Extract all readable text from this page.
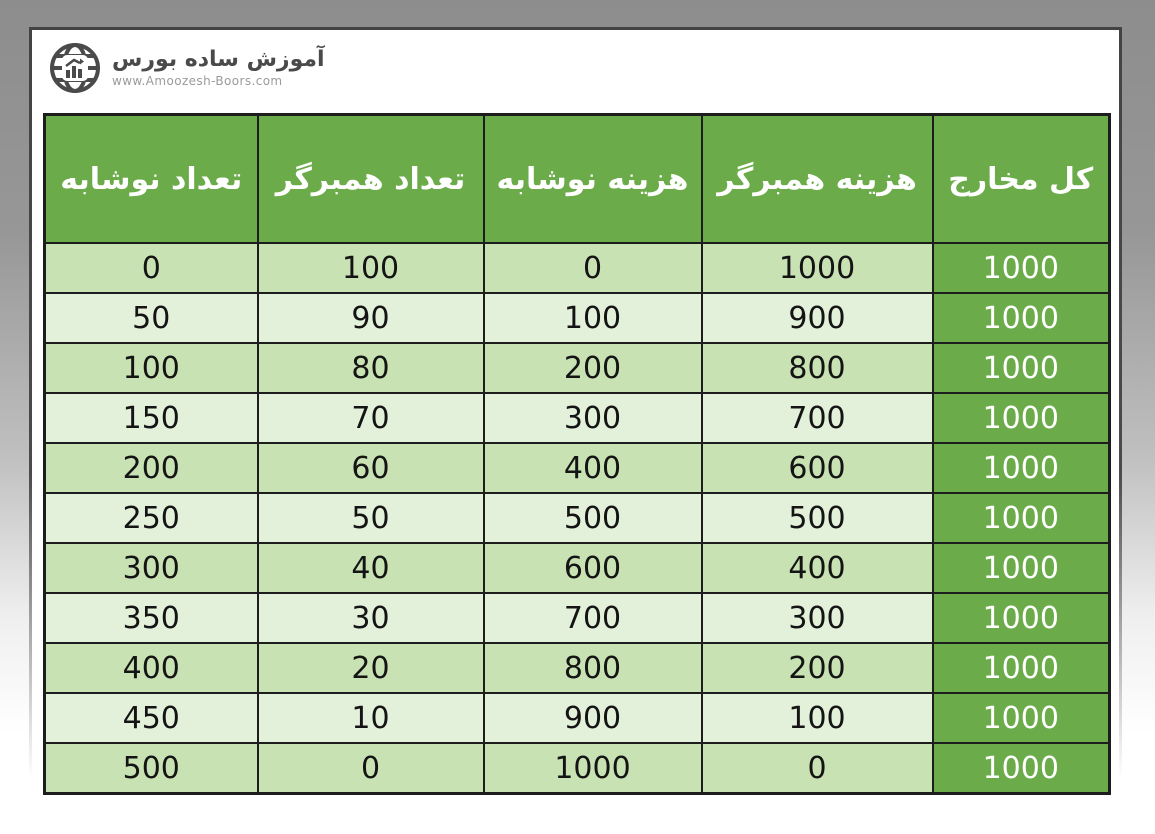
آموزش ساده بورس
www.Amoozesh-Boors.com
کل مخارج	هزینه همبرگر	هزینه نوشابه	تعداد همبرگر	تعداد نوشابه
1000	1000	0	100	0
1000	900	100	90	50
1000	800	200	80	100
1000	700	300	70	150
1000	600	400	60	200
1000	500	500	50	250
1000	400	600	40	300
1000	300	700	30	350
1000	200	800	20	400
1000	100	900	10	450
1000	0	1000	0	500
